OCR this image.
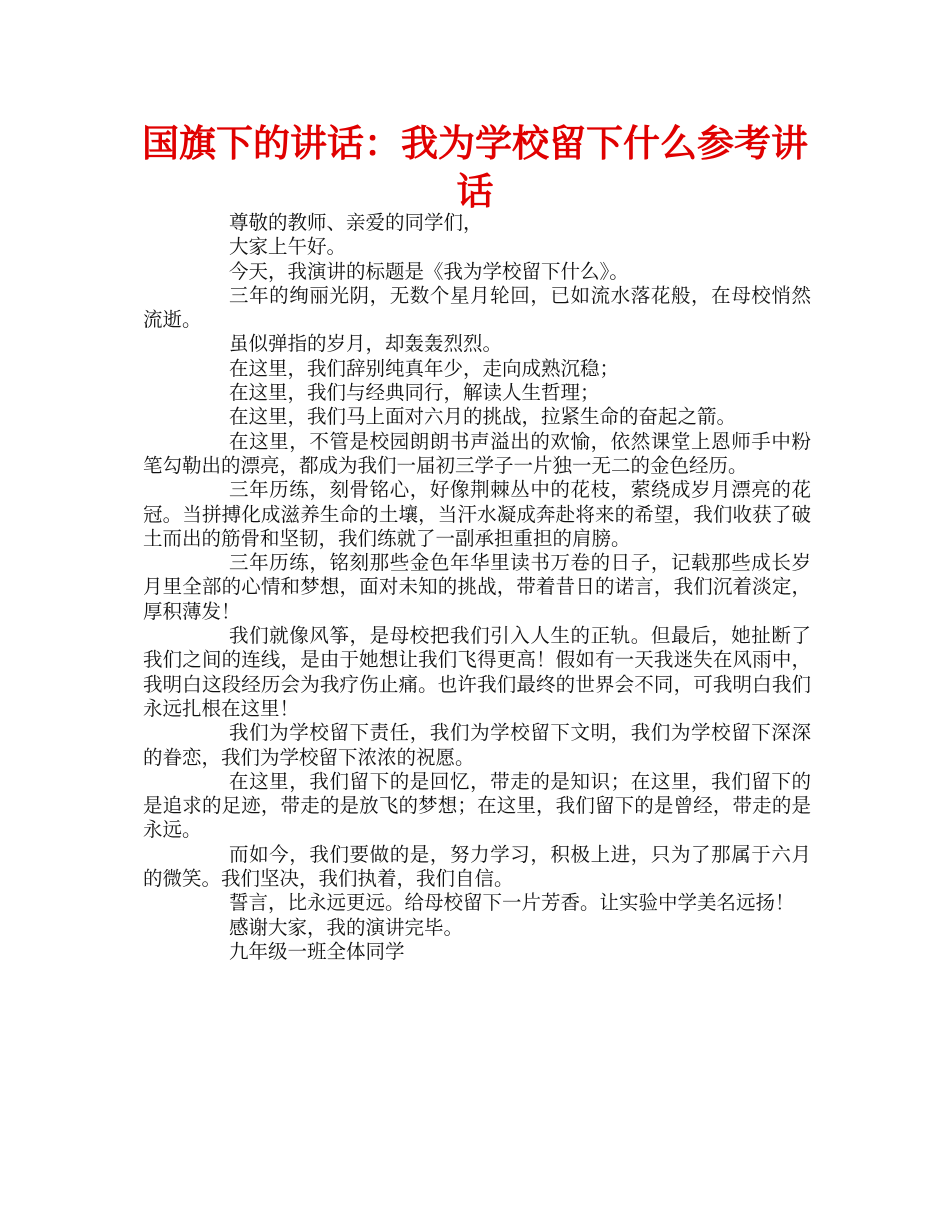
国旗下的讲话：我为学校留下什么参考讲话

尊敬的教师、亲爱的同学们，

大家上午好。

今天，我演讲的标题是《我为学校留下什么》。

三年的绚丽光阴，无数个星月轮回，已如流水落花般，在母校悄然流逝。

虽似弹指的岁月，却轰轰烈烈。

在这里，我们辞别纯真年少，走向成熟沉稳；

在这里，我们与经典同行，解读人生哲理；

在这里，我们马上面对六月的挑战，拉紧生命的奋起之箭。

在这里，不管是校园朗朗书声溢出的欢愉，依然课堂上恩师手中粉笔勾勒出的漂亮，都成为我们一届初三学子一片独一无二的金色经历。

三年历练，刻骨铭心，好像荆棘丛中的花枝，萦绕成岁月漂亮的花冠。当拼搏化成滋养生命的土壤，当汗水凝成奔赴将来的希望，我们收获了破土而出的筋骨和坚韧，我们练就了一副承担重担的肩膀。

三年历练，铭刻那些金色年华里读书万卷的日子，记载那些成长岁月里全部的心情和梦想，面对未知的挑战，带着昔日的诺言，我们沉着淡定，厚积薄发！

我们就像风筝，是母校把我们引入人生的正轨。但最后，她扯断了我们之间的连线，是由于她想让我们飞得更高！假如有一天我迷失在风雨中，我明白这段经历会为我疗伤止痛。也许我们最终的世界会不同，可我明白我们永远扎根在这里！

我们为学校留下责任，我们为学校留下文明，我们为学校留下深深的眷恋，我们为学校留下浓浓的祝愿。

在这里，我们留下的是回忆，带走的是知识；在这里，我们留下的是追求的足迹，带走的是放飞的梦想；在这里，我们留下的是曾经，带走的是永远。

而如今，我们要做的是，努力学习，积极上进，只为了那属于六月的微笑。我们坚决，我们执着，我们自信。

誓言，比永远更远。给母校留下一片芳香。让实验中学美名远扬！

感谢大家，我的演讲完毕。

九年级一班全体同学
